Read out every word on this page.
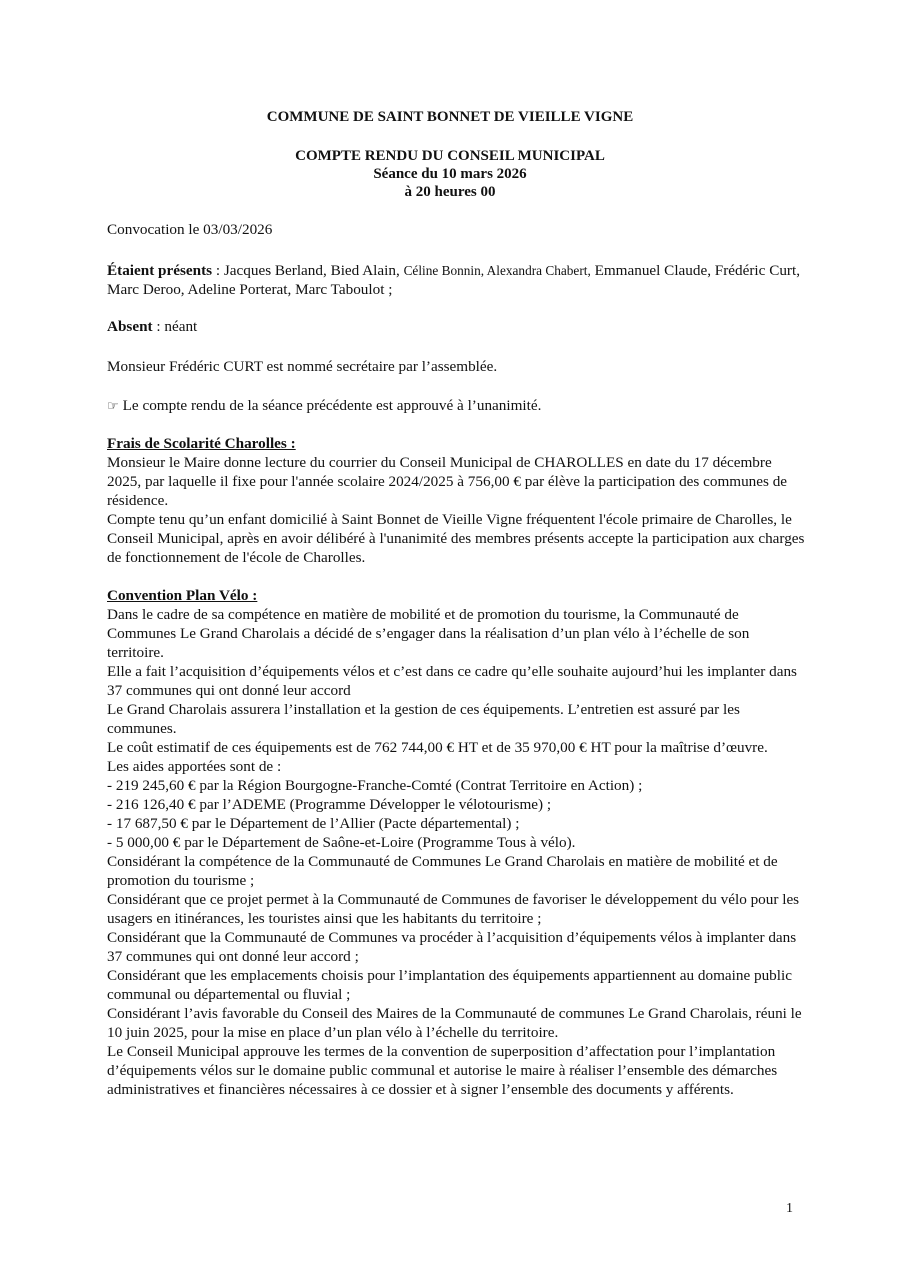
COMMUNE DE SAINT BONNET DE VIEILLE VIGNE
COMPTE RENDU DU CONSEIL MUNICIPAL
Séance du 10 mars 2026
à 20 heures 00
Convocation le 03/03/2026
Étaient présents : Jacques Berland, Bied Alain, Céline Bonnin, Alexandra Chabert, Emmanuel Claude, Frédéric Curt, Marc Deroo, Adeline Porterat, Marc Taboulot ;
Absent : néant
Monsieur Frédéric CURT est nommé secrétaire par l’assemblée.
☞ Le compte rendu de la séance précédente est approuvé à l’unanimité.

Frais de Scolarité Charolles :

Monsieur le Maire donne lecture du courrier du Conseil Municipal de CHAROLLES en date du 17 décembre 2025, par laquelle il fixe pour l'année scolaire 2024/2025 à 756,00 € par élève la participation des communes de résidence.

Compte tenu qu’un enfant domicilié à Saint Bonnet de Vieille Vigne fréquentent l'école primaire de Charolles, le Conseil Municipal, après en avoir délibéré à l'unanimité des membres présents accepte la participation aux charges de fonctionnement de l'école de Charolles.

Convention Plan Vélo :

Dans le cadre de sa compétence en matière de mobilité et de promotion du tourisme, la Communauté de Communes Le Grand Charolais a décidé de s’engager dans la réalisation d’un plan vélo à l’échelle de son territoire.

Elle a fait l’acquisition d’équipements vélos et c’est dans ce cadre qu’elle souhaite aujourd’hui les implanter dans 37 communes qui ont donné leur accord

Le Grand Charolais assurera l’installation et la gestion de ces équipements. L’entretien est assuré par les communes.

Le coût estimatif de ces équipements est de 762 744,00 € HT et de 35 970,00 € HT pour la maîtrise d’œuvre.

Les aides apportées sont de :

- 219 245,60 € par la Région Bourgogne-Franche-Comté (Contrat Territoire en Action) ;

- 216 126,40 € par l’ADEME (Programme Développer le vélotourisme) ;

- 17 687,50 € par le Département de l’Allier (Pacte départemental) ;

- 5 000,00 € par le Département de Saône-et-Loire (Programme Tous à vélo).

Considérant la compétence de la Communauté de Communes Le Grand Charolais en matière de mobilité et de promotion du tourisme ;

Considérant que ce projet permet à la Communauté de Communes de favoriser le développement du vélo pour les usagers en itinérances, les touristes ainsi que les habitants du territoire ;

Considérant que la Communauté de Communes va procéder à l’acquisition d’équipements vélos à implanter dans 37 communes qui ont donné leur accord ;

Considérant que les emplacements choisis pour l’implantation des équipements appartiennent au domaine public communal ou départemental ou fluvial ;

Considérant l’avis favorable du Conseil des Maires de la Communauté de communes Le Grand Charolais, réuni le 10 juin 2025, pour la mise en place d’un plan vélo à l’échelle du territoire.

Le Conseil Municipal approuve les termes de la convention de superposition d’affectation pour l’implantation d’équipements vélos sur le domaine public communal et autorise le maire à réaliser l’ensemble des démarches administratives et financières nécessaires à ce dossier et à signer l’ensemble des documents y afférents.

1
